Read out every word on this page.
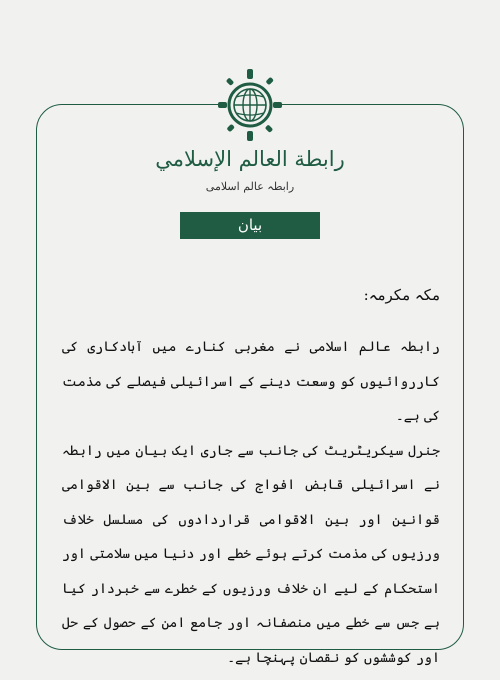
رابطة العالم الإسلامي
رابطہ عالم اسلامی
بیان
مکہ مکرمہ:

رابطہ عالم اسلامی نے مغربی کنارے میں آبادکاری کی کارروائیوں کو وسعت دینے کے اسرائیلی فیصلے کی مذمت کی ہے۔

جنرل سیکریٹریٹ کی جانب سے جاری ایک بیان میں رابطہ نے اسرائیلی قابض افواج کی جانب سے بین الاقوامی قوانین اور بین الاقوامی قراردادوں کی مسلسل خلاف ورزیوں کی مذمت کرتے ہوئے خطے اور دنیا میں سلامتی اور استحکام کے لیے ان خلاف ورزیوں کے خطرے سے خبردار کیا ہے جس سے خطے میں منصفانہ اور جامع امن کے حصول کے حل اور کوششوں کو نقصان پہنچا ہے۔
